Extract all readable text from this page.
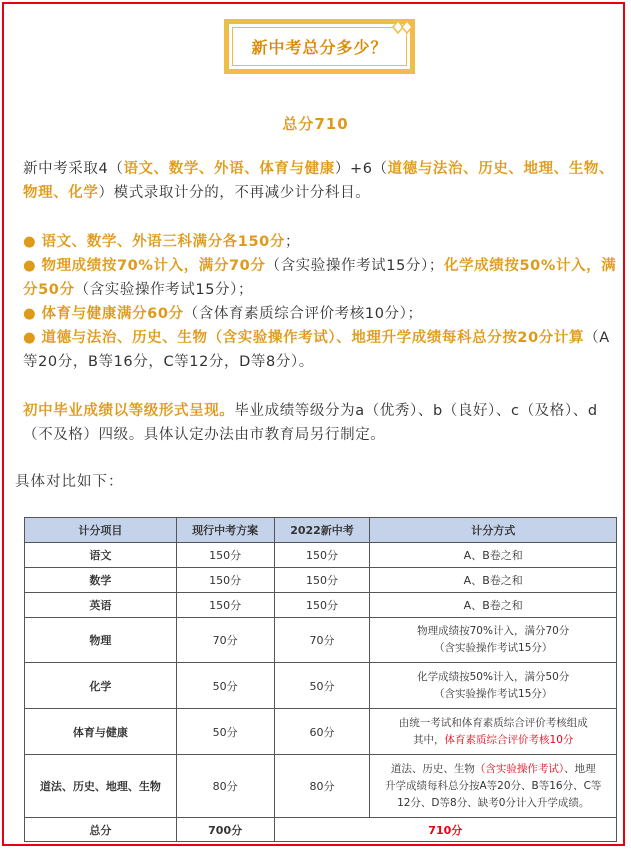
新中考总分多少？
总分710
新中考采取4（语文、数学、外语、体育与健康）+6（道德与法治、历史、地理、生物、物理、化学）模式录取计分的，不再减少计分科目。
● 语文、数学、外语三科满分各150分；
● 物理成绩按70%计入，满分70分（含实验操作考试15分）；化学成绩按50%计入，满分50分（含实验操作考试15分）；
● 体育与健康满分60分（含体育素质综合评价考核10分）；
● 道德与法治、历史、生物（含实验操作考试）、地理升学成绩每科总分按20分计算（A等20分，B等16分，C等12分，D等8分）。
初中毕业成绩以等级形式呈现。毕业成绩等级分为a（优秀）、b（良好）、c（及格）、d（不及格）四级。具体认定办法由市教育局另行制定。
具体对比如下：
计分项目	现行中考方案	2022新中考	计分方式
语文	150分	150分	A、B卷之和
数学	150分	150分	A、B卷之和
英语	150分	150分	A、B卷之和
物理	70分	70分	物理成绩按70%计入，满分70分
（含实验操作考试15分）

化学	50分	50分	化学成绩按50%计入，满分50分
（含实验操作考试15分）

体育与健康	50分	60分	由统一考试和体育素质综合评价考核组成
其中，体育素质综合评价考核10分

道法、历史、地理、生物	80分	80分	道法、历史、生物（含实验操作考试）、地理
升学成绩每科总分按A等20分、B等16分、C等
12分、D等8分、缺考0分计入升学成绩。

总分	700分	710分	
